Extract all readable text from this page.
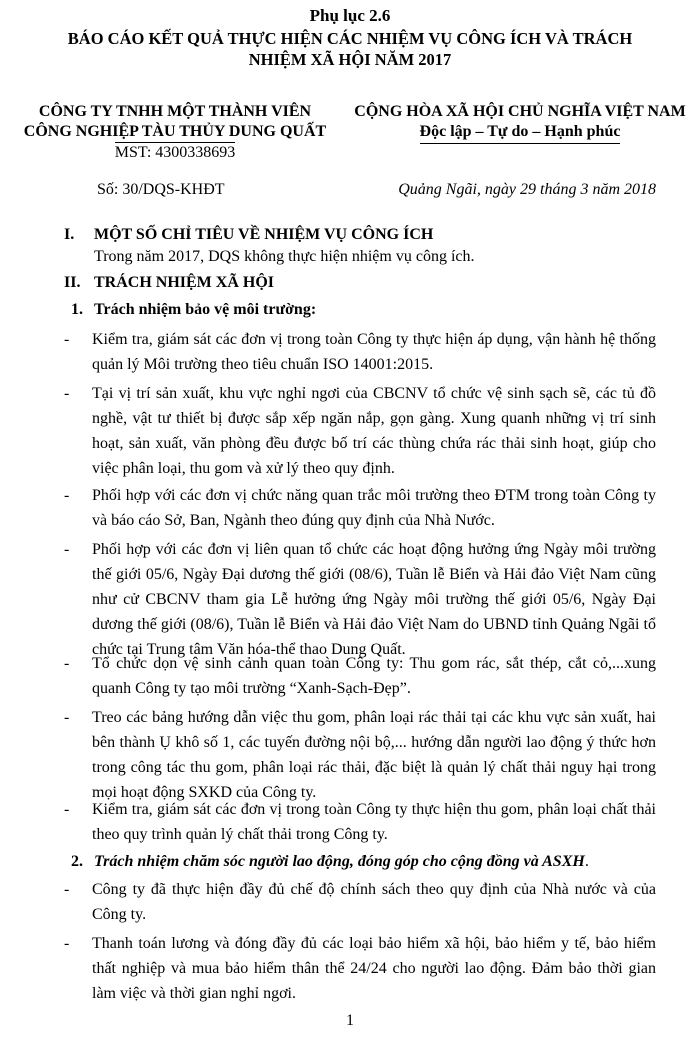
Phụ lục 2.6
BÁO CÁO KẾT QUẢ THỰC HIỆN CÁC NHIỆM VỤ CÔNG ÍCH VÀ TRÁCH
NHIỆM XÃ HỘI NĂM 2017
CÔNG TY TNHH MỘT THÀNH VIÊN
CÔNG NGHIỆP TÀU THỦY DUNG QUẤT
MST: 4300338693
CỘNG HÒA XÃ HỘI CHỦ NGHĨA VIỆT NAM
Độc lập – Tự do – Hạnh phúc
Số: 30/DQS-KHĐT	Quảng Ngãi, ngày 29 tháng 3 năm 2018
I. MỘT SỐ CHỈ TIÊU VỀ NHIỆM VỤ CÔNG ÍCH
Trong năm 2017, DQS không thực hiện nhiệm vụ công ích.
II. TRÁCH NHIỆM XÃ HỘI
1. Trách nhiệm bảo vệ môi trường:
- Kiểm tra, giám sát các đơn vị trong toàn Công ty thực hiện áp dụng, vận hành hệ thống quản lý Môi trường theo tiêu chuẩn ISO 14001:2015.
- Tại vị trí sản xuất, khu vực nghỉ ngơi của CBCNV tổ chức vệ sinh sạch sẽ, các tủ đồ nghề, vật tư thiết bị được sắp xếp ngăn nắp, gọn gàng. Xung quanh những vị trí sinh hoạt, sản xuất, văn phòng đều được bố trí các thùng chứa rác thải sinh hoạt, giúp cho việc phân loại, thu gom và xử lý theo quy định.
- Phối hợp với các đơn vị chức năng quan trắc môi trường theo ĐTM trong toàn Công ty và báo cáo Sở, Ban, Ngành theo đúng quy định của Nhà Nước.
- Phối hợp với các đơn vị liên quan tổ chức các hoạt động hưởng ứng Ngày môi trường thế giới 05/6, Ngày Đại dương thế giới (08/6), Tuần lễ Biển và Hải đảo Việt Nam cũng như cử CBCNV tham gia Lễ hưởng ứng Ngày môi trường thế giới 05/6, Ngày Đại dương thế giới (08/6), Tuần lễ Biển và Hải đảo Việt Nam do UBND tỉnh Quảng Ngãi tổ chức tại Trung tâm Văn hóa-thể thao Dung Quất.
- Tổ chức dọn vệ sinh cảnh quan toàn Công ty: Thu gom rác, sắt thép, cắt cỏ,...xung quanh Công ty tạo môi trường “Xanh-Sạch-Đẹp”.
- Treo các bảng hướng dẫn việc thu gom, phân loại rác thải tại các khu vực sản xuất, hai bên thành Ụ khô số 1, các tuyến đường nội bộ,... hướng dẫn người lao động ý thức hơn trong công tác thu gom, phân loại rác thải, đặc biệt là quản lý chất thải nguy hại trong mọi hoạt động SXKD của Công ty.
- Kiểm tra, giám sát các đơn vị trong toàn Công ty thực hiện thu gom, phân loại chất thải theo quy trình quản lý chất thải trong Công ty.
2. Trách nhiệm chăm sóc người lao động, đóng góp cho cộng đồng và ASXH.
- Công ty đã thực hiện đầy đủ chế độ chính sách theo quy định của Nhà nước và của Công ty.
- Thanh toán lương và đóng đầy đủ các loại bảo hiểm xã hội, bảo hiểm y tế, bảo hiểm thất nghiệp và mua bảo hiểm thân thể 24/24 cho người lao động. Đảm bảo thời gian làm việc và thời gian nghỉ ngơi.
1
